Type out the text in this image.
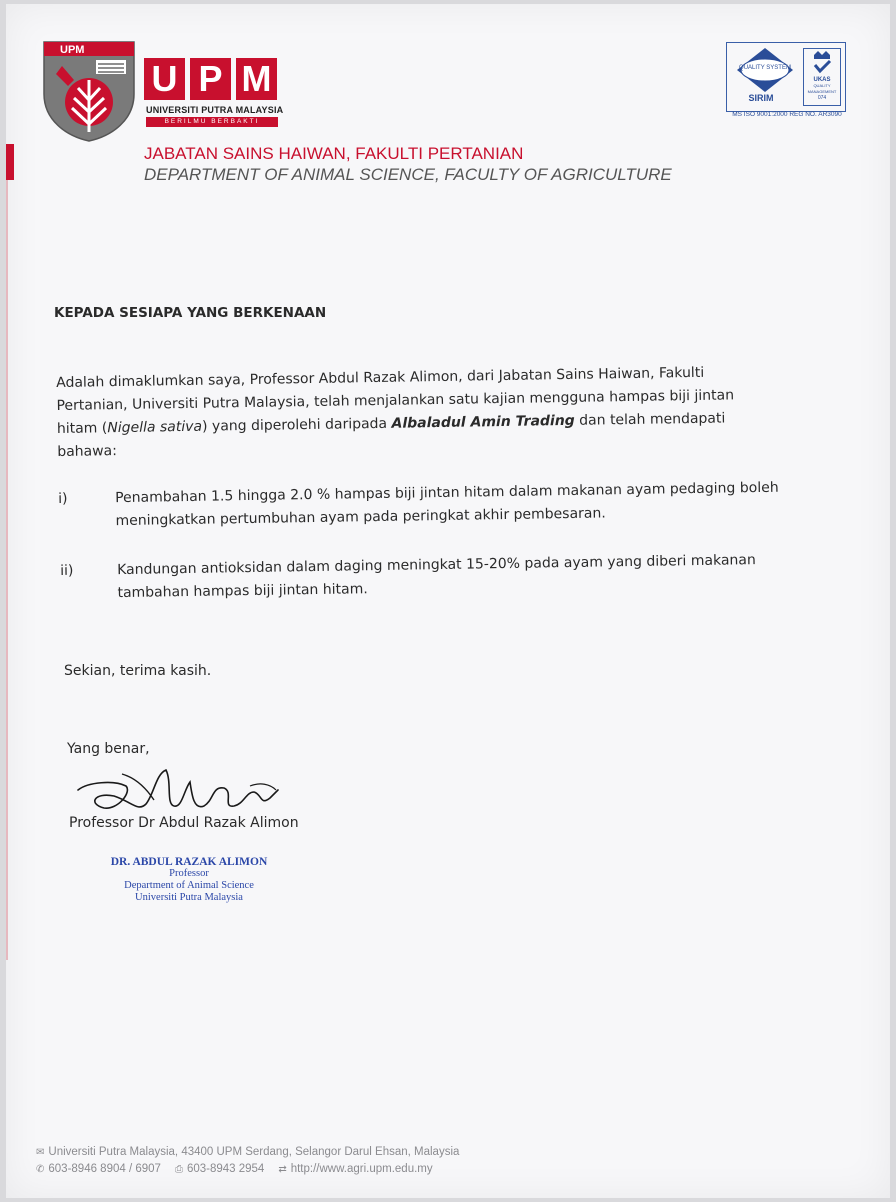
UPM
U P M
UNIVERSITI PUTRA MALAYSIA
BERILMU BERBAKTI
JABATAN SAINS HAIWAN, FAKULTI PERTANIAN
DEPARTMENT OF ANIMAL SCIENCE, FACULTY OF AGRICULTURE
QUALITY SYSTEM
SIRIM
UKAS
QUALITY MANAGEMENT
074
MS ISO 9001:2000 REG NO. AR3090
KEPADA SESIAPA YANG BERKENAAN
Adalah dimaklumkan saya, Professor Abdul Razak Alimon, dari Jabatan Sains Haiwan, Fakulti Pertanian, Universiti Putra Malaysia, telah menjalankan satu kajian mengguna hampas biji jintan hitam (Nigella sativa) yang diperolehi daripada Albaladul Amin Trading dan telah mendapati bahawa:
i)	Penambahan 1.5 hingga 2.0 % hampas biji jintan hitam dalam makanan ayam pedaging boleh meningkatkan pertumbuhan ayam pada peringkat akhir pembesaran.
ii)	Kandungan antioksidan dalam daging meningkat 15-20% pada ayam yang diberi makanan tambahan hampas biji jintan hitam.
Sekian, terima kasih.
Yang benar,
Professor Dr Abdul Razak Alimon
DR. ABDUL RAZAK ALIMON
Professor
Department of Animal Science
Universiti Putra Malaysia
✉ Universiti Putra Malaysia, 43400 UPM Serdang, Selangor Darul Ehsan, Malaysia
✆ 603-8946 8904 / 6907 ⎙ 603-8943 2954 ⇄ http://www.agri.upm.edu.my
